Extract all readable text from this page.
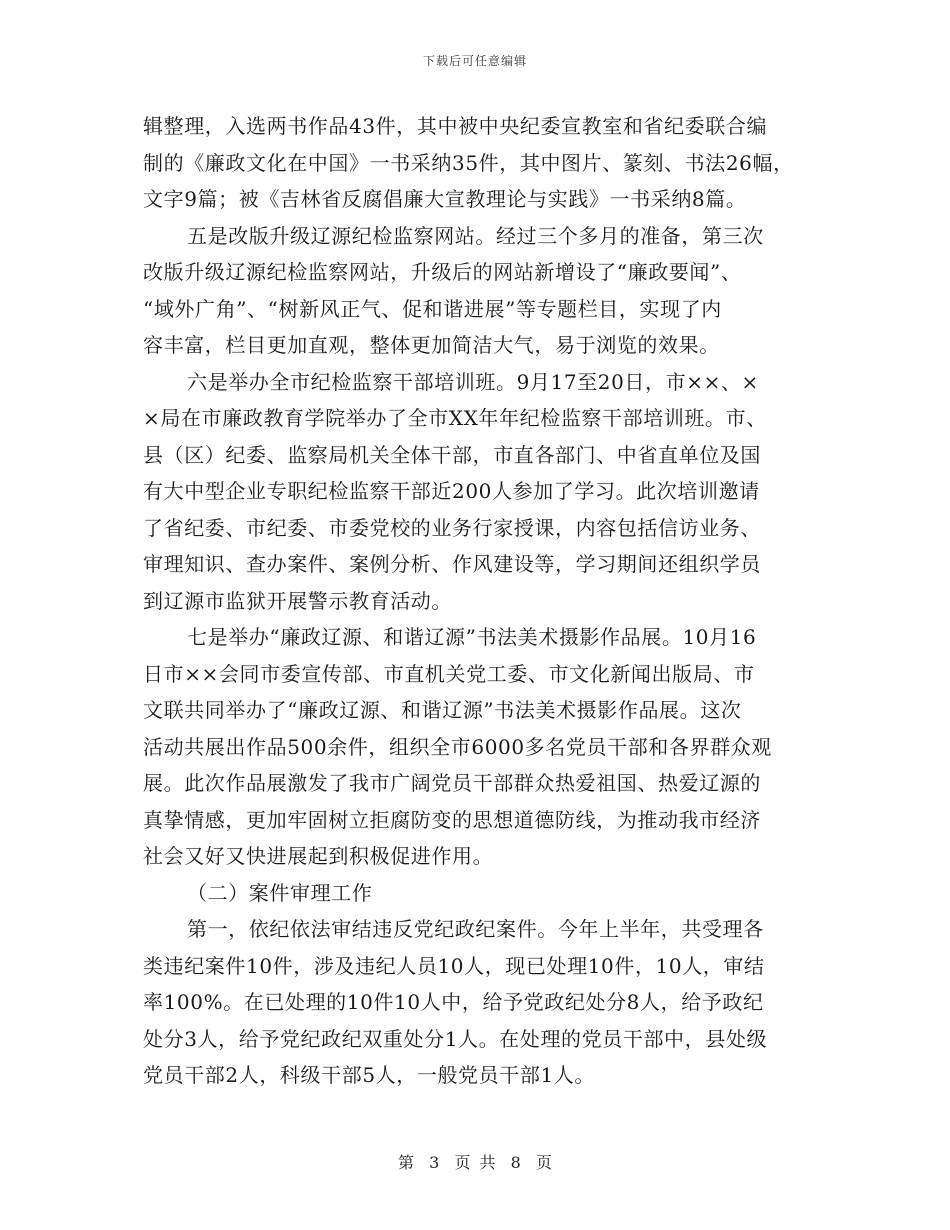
下载后可任意编辑
辑整理，入选两书作品43件，其中被中央纪委宣教室和省纪委联合编
制的《廉政文化在中国》一书采纳35件，其中图片、篆刻、书法26幅，
文字9篇；被《吉林省反腐倡廉大宣教理论与实践》一书采纳8篇。
五是改版升级辽源纪检监察网站。经过三个多月的准备，第三次
改版升级辽源纪检监察网站，升级后的网站新增设了“廉政要闻”、
“域外广角”、“树新风正气、促和谐进展”等专题栏目，实现了内
容丰富，栏目更加直观，整体更加简洁大气，易于浏览的效果。
六是举办全市纪检监察干部培训班。9月17至20日，市××、×
×局在市廉政教育学院举办了全市XX年年纪检监察干部培训班。市、
县（区）纪委、监察局机关全体干部，市直各部门、中省直单位及国
有大中型企业专职纪检监察干部近200人参加了学习。此次培训邀请
了省纪委、市纪委、市委党校的业务行家授课，内容包括信访业务、
审理知识、查办案件、案例分析、作风建设等，学习期间还组织学员
到辽源市监狱开展警示教育活动。
七是举办“廉政辽源、和谐辽源”书法美术摄影作品展。10月16
日市××会同市委宣传部、市直机关党工委、市文化新闻出版局、市
文联共同举办了“廉政辽源、和谐辽源”书法美术摄影作品展。这次
活动共展出作品500余件，组织全市6000多名党员干部和各界群众观
展。此次作品展激发了我市广阔党员干部群众热爱祖国、热爱辽源的
真挚情感，更加牢固树立拒腐防变的思想道德防线，为推动我市经济
社会又好又快进展起到积极促进作用。
（二）案件审理工作
第一，依纪依法审结违反党纪政纪案件。今年上半年，共受理各
类违纪案件10件，涉及违纪人员10人，现已处理10件，10人，审结
率100%。在已处理的10件10人中，给予党政纪处分8人，给予政纪
处分3人，给予党纪政纪双重处分1人。在处理的党员干部中，县处级
党员干部2人，科级干部5人，一般党员干部1人。
第 3 页 共 8 页
